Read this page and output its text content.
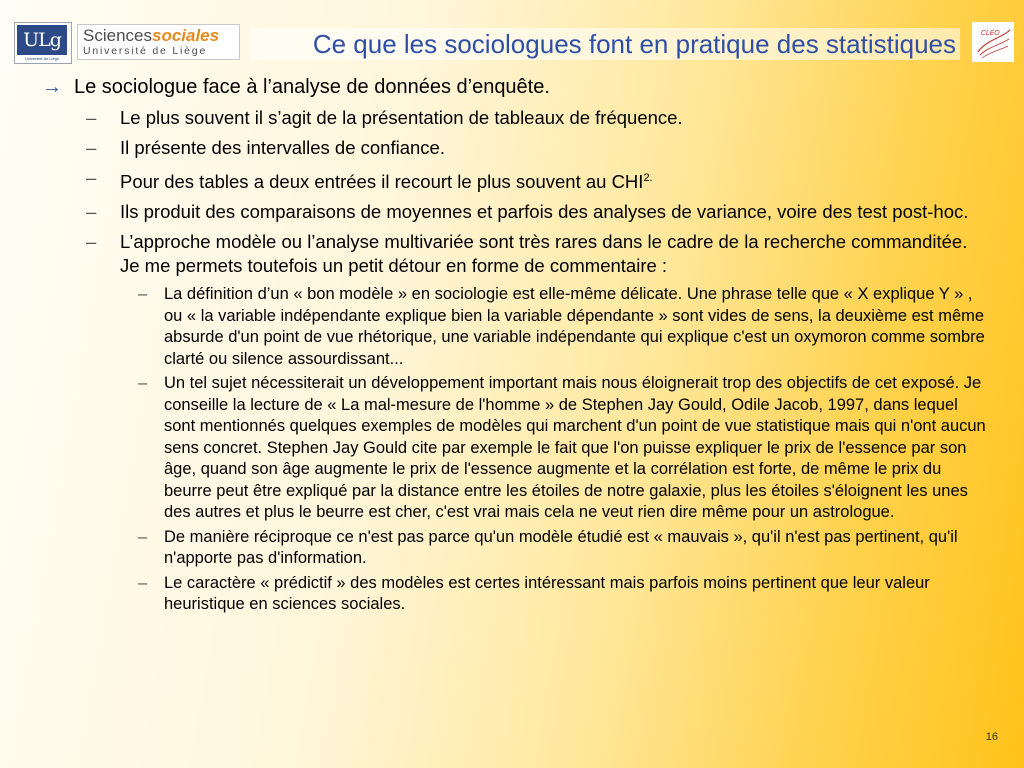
ULg
Université de Liège
Sciencessociales
Université de Liège	Ce que les sociologues font en pratique des statistiques	CLEO
→ Le sociologue face à l’analyse de données d’enquête.
– Le plus souvent il s’agit de la présentation de tableaux de fréquence.
– Il présente des intervalles de confiance.
– Pour des tables a deux entrées il recourt le plus souvent au $CHI^{2.}$
– Ils produit des comparaisons de moyennes et parfois des analyses de variance, voire des test post-hoc.
– L’approche modèle ou l’analyse multivariée sont très rares dans le cadre de la recherche commanditée. Je me permets toutefois un petit détour en forme de commentaire :
– La définition d’un « bon modèle » en sociologie est elle-même délicate. Une phrase telle que « X explique Y » , ou « la variable indépendante explique bien la variable dépendante » sont vides de sens, la deuxième est même absurde d'un point de vue rhétorique, une variable indépendante qui explique c'est un oxymoron comme sombre clarté ou silence assourdissant...
– Un tel sujet nécessiterait un développement important mais nous éloignerait trop des objectifs de cet exposé. Je conseille la lecture de « La mal-mesure de l'homme » de Stephen Jay Gould, Odile Jacob, 1997, dans lequel sont mentionnés quelques exemples de modèles qui marchent d'un point de vue statistique mais qui n'ont aucun sens concret. Stephen Jay Gould cite par exemple le fait que l'on puisse expliquer le prix de l'essence par son âge, quand son âge augmente le prix de l'essence augmente et la corrélation est forte, de même le prix du beurre peut être expliqué par la distance entre les étoiles de notre galaxie, plus les étoiles s'éloignent les unes des autres et plus le beurre est cher, c'est vrai mais cela ne veut rien dire même pour un astrologue.
– De manière réciproque ce n'est pas parce qu'un modèle étudié est « mauvais », qu'il n'est pas pertinent, qu'il n'apporte pas d'information.
– Le caractère « prédictif » des modèles est certes intéressant mais parfois moins pertinent que leur valeur heuristique en sciences sociales.
16
